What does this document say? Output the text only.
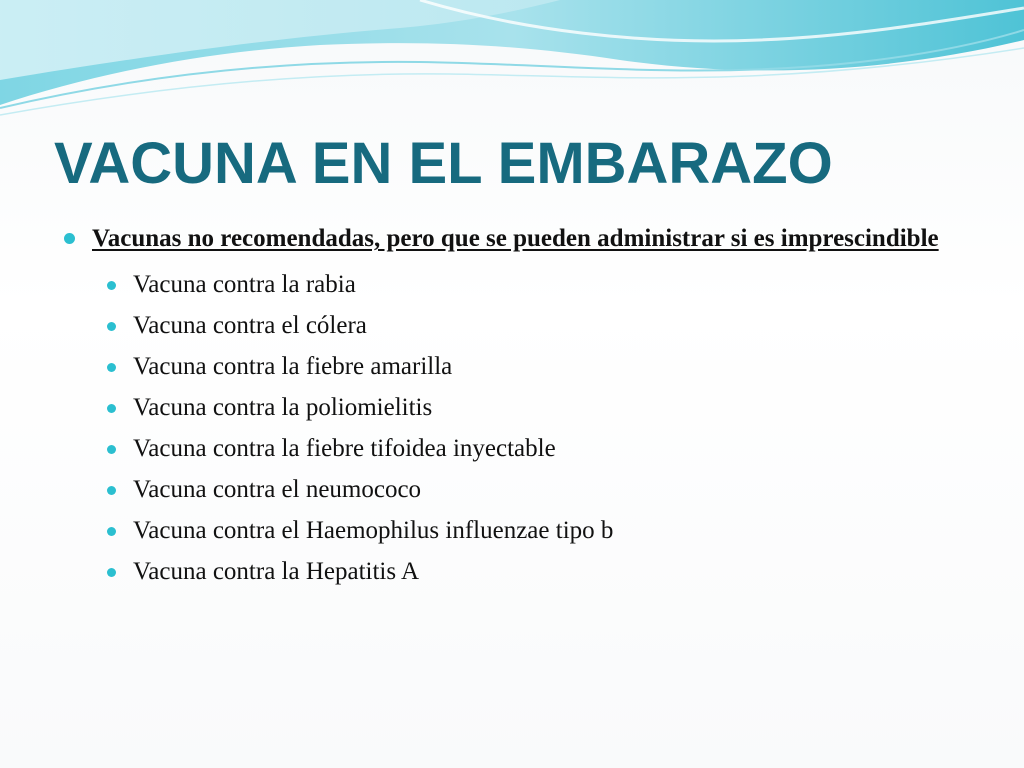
VACUNA EN EL EMBARAZO
Vacunas no recomendadas, pero que se pueden administrar si es imprescindible
Vacuna contra la rabia
Vacuna contra el cólera
Vacuna contra la fiebre amarilla
Vacuna contra la poliomielitis
Vacuna contra la fiebre tifoidea inyectable
Vacuna contra el neumococo
Vacuna contra el Haemophilus influenzae tipo b
Vacuna contra la Hepatitis A
